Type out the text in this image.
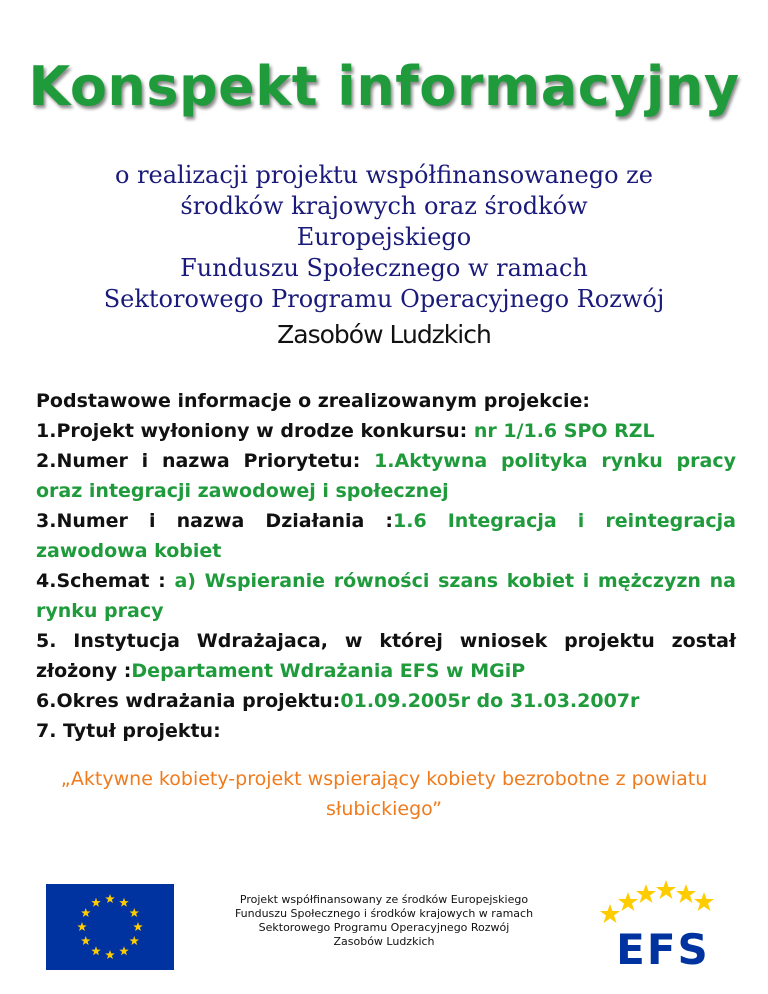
Konspekt informacyjny
o realizacji projektu współfinansowanego ze
środków krajowych oraz środków
Europejskiego
Funduszu Społecznego w ramach
Sektorowego Programu Operacyjnego Rozwój
Zasobów Ludzkich

Podstawowe informacje o zrealizowanym projekcie:

1.Projekt wyłoniony w drodze konkursu: nr 1/1.6 SPO RZL

2.Numer i nazwa Priorytetu: 1.Aktywna polityka rynku pracy oraz integracji zawodowej i społecznej

3.Numer i nazwa Działania :1.6 Integracja i reintegracja zawodowa kobiet

4.Schemat : a) Wspieranie równości szans kobiet i mężczyzn na rynku pracy

5. Instytucja Wdrażajaca, w której wniosek projektu został złożony :Departament Wdrażania EFS w MGiP

6.Okres wdrażania projektu:01.09.2005r do 31.03.2007r

7. Tytuł projektu:

„Aktywne kobiety-projekt wspierający kobiety bezrobotne z powiatu słubickiego”
Projekt współfinansowany ze środków Europejskiego
Funduszu Społecznego i środków krajowych w ramach
Sektorowego Programu Operacyjnego Rozwój
Zasobów Ludzkich	EFS
